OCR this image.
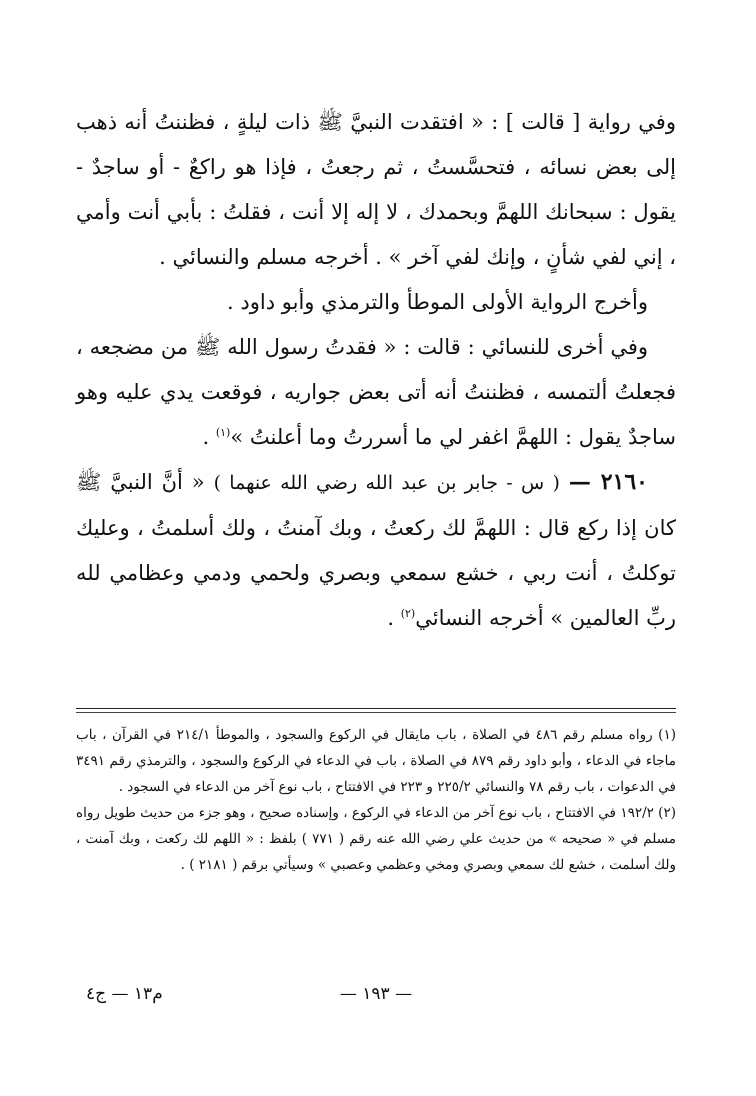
وفي رواية [ قالت ] : « افتقدت النبيَّ ﷺ ذات ليلةٍ ، فظننتُ أنه ذهب إلى بعض نسائه ، فتحسَّستُ ، ثم رجعتُ ، فإذا هو راكعٌ - أو ساجدٌ - يقول : سبحانك اللهمَّ وبحمدك ، لا إله إلا أنت ، فقلتُ : بأبي أنت وأمي ، إني لفي شأنٍ ، وإنك لفي آخر » . أخرجه مسلم والنسائي .

وأخرج الرواية الأولى الموطأ والترمذي وأبو داود .

وفي أخرى للنسائي : قالت : « فقدتُ رسول الله ﷺ من مضجعه ، فجعلتُ ألتمسه ، فظننتُ أنه أتى بعض جواريه ، فوقعت يدي عليه وهو ساجدٌ يقول : اللهمَّ اغفر لي ما أسررتُ وما أعلنتُ »$^{(١)}$ .

٢١٦٠ — ( س - جابر بن عبد الله رضي الله عنهما ) « أنَّ النبيَّ ﷺ كان إذا ركع قال : اللهمَّ لك ركعتُ ، وبك آمنتُ ، ولك أسلمتُ ، وعليك توكلتُ ، أنت ربي ، خشع سمعي وبصري ولحمي ودمي وعظامي لله ربِّ العالمين » أخرجه النسائي$^{(٢)}$ .

(١) رواه مسلم رقم ٤٨٦ في الصلاة ، باب مايقال في الركوع والسجود ، والموطأ ٢١٤/١ في القرآن ، باب ماجاء في الدعاء ، وأبو داود رقم ٨٧٩ في الصلاة ، باب في الدعاء في الركوع والسجود ، والترمذي رقم ٣٤٩١ في الدعوات ، باب رقم ٧٨ والنسائي ٢٢٥/٢ و ٢٢٣ في الافتتاح ، باب نوع آخر من الدعاء في السجود .

(٢) ١٩٢/٢ في الافتتاح ، باب نوع آخر من الدعاء في الركوع ، وإسناده صحيح ، وهو جزء من حديث طويل رواه مسلم في « صحيحه » من حديث علي رضي الله عنه رقم ( ٧٧١ ) بلفظ : « اللهم لك ركعت ، وبك آمنت ، ولك أسلمت ، خشع لك سمعي وبصري ومخي وعظمي وعصبي » وسيأتي برقم ( ٢١٨١ ) .

— ١٩٣ —
م١٣ — ج٤
